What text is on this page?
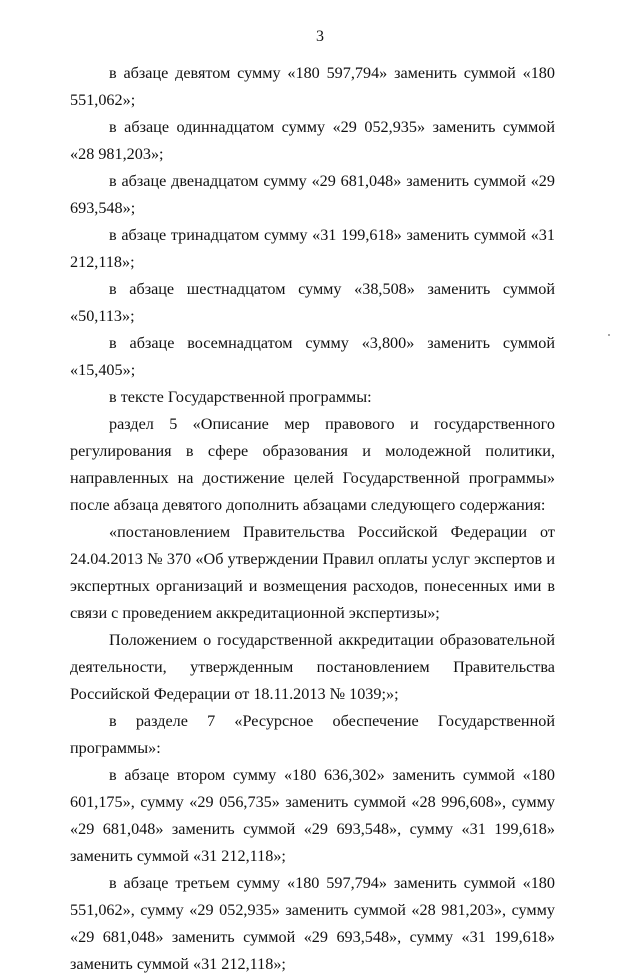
3

в абзаце девятом сумму «180 597,794» заменить суммой «180 551,062»;

в абзаце одиннадцатом сумму «29 052,935» заменить суммой «28 981,203»;

в абзаце двенадцатом сумму «29 681,048» заменить суммой «29 693,548»;

в абзаце тринадцатом сумму «31 199,618» заменить суммой «31 212,118»;

в абзаце шестнадцатом сумму «38,508» заменить суммой «50,113»;

в абзаце восемнадцатом сумму «3,800» заменить суммой «15,405»;

в тексте Государственной программы:

раздел 5 «Описание мер правового и государственного регулирования в сфере образования и молодежной политики, направленных на достижение целей Государственной программы» после абзаца девятого дополнить абзацами следующего содержания:

«постановлением Правительства Российской Федерации от 24.04.2013 № 370 «Об утверждении Правил оплаты услуг экспертов и экспертных организаций и возмещения расходов, понесенных ими в связи с проведением аккредитационной экспертизы»;

Положением о государственной аккредитации образовательной деятельности, утвержденным постановлением Правительства Российской Федерации от 18.11.2013 № 1039;»;

в разделе 7 «Ресурсное обеспечение Государственной программы»:

в абзаце втором сумму «180 636,302» заменить суммой «180 601,175», сумму «29 056,735» заменить суммой «28 996,608», сумму «29 681,048» заменить суммой «29 693,548», сумму «31 199,618» заменить суммой «31 212,118»;

в абзаце третьем сумму «180 597,794» заменить суммой «180 551,062», сумму «29 052,935» заменить суммой «28 981,203», сумму «29 681,048» заменить суммой «29 693,548», сумму «31 199,618» заменить суммой «31 212,118»;
